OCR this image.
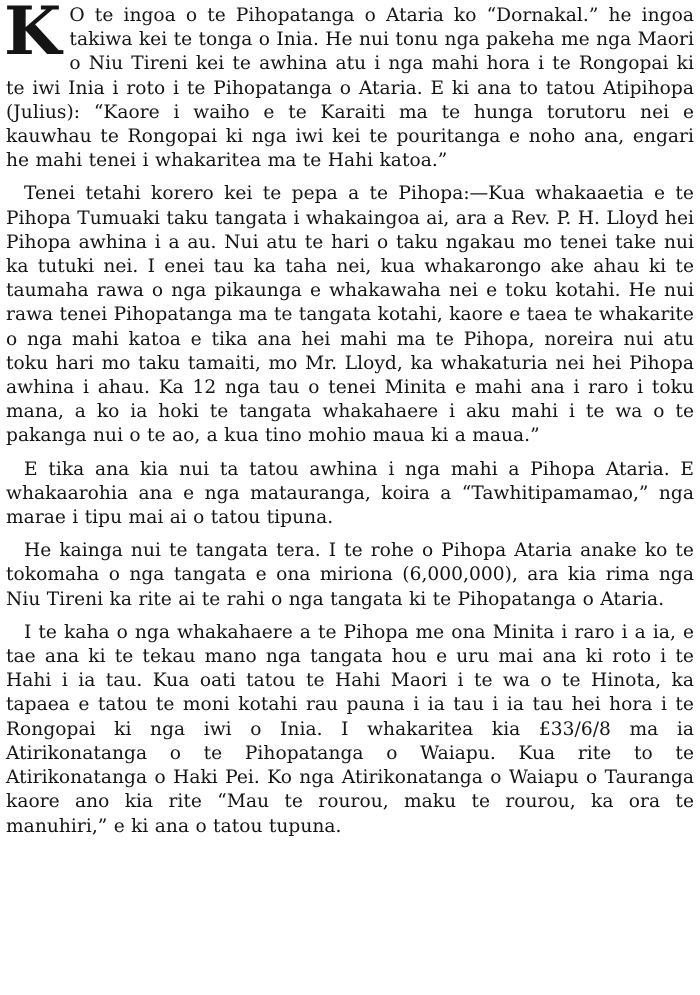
K O te ingoa o te Pihopatanga o Ataria ko “Dornakal.” he ingoa takiwa kei te tonga o Inia. He nui tonu nga pakeha me nga Maori o Niu Tireni kei te awhina atu i nga mahi hora i te Rongopai ki te iwi Inia i roto i te Pihopatanga o Ataria. E ki ana to tatou Atipihopa (Julius): “Kaore i waiho e te Karaiti ma te hunga torutoru nei e kauwhau te Rongopai ki nga iwi kei te pouritanga e noho ana, engari he mahi tenei i whakaritea ma te Hahi katoa.”

Tenei tetahi korero kei te pepa a te Pihopa:—Kua whakaaetia e te Pihopa Tumuaki taku tangata i whakaingoa ai, ara a Rev. P. H. Lloyd hei Pihopa awhina i a au. Nui atu te hari o taku ngakau mo tenei take nui ka tutuki nei. I enei tau ka taha nei, kua whakarongo ake ahau ki te taumaha rawa o nga pikaunga e whakawaha nei e toku kotahi. He nui rawa tenei Pihopatanga ma te tangata kotahi, kaore e taea te whakarite o nga mahi katoa e tika ana hei mahi ma te Pihopa, noreira nui atu toku hari mo taku tamaiti, mo Mr. Lloyd, ka whakaturia nei hei Pihopa awhina i ahau. Ka 12 nga tau o tenei Minita e mahi ana i raro i toku mana, a ko ia hoki te tangata whakahaere i aku mahi i te wa o te pakanga nui o te ao, a kua tino mohio maua ki a maua.”

E tika ana kia nui ta tatou awhina i nga mahi a Pihopa Ataria. E whakaarohia ana e nga matauranga, koira a “Tawhitipamamao,” nga marae i tipu mai ai o tatou tipuna.

He kainga nui te tangata tera. I te rohe o Pihopa Ataria anake ko te tokomaha o nga tangata e ona miriona (6,000,000), ara kia rima nga Niu Tireni ka rite ai te rahi o nga tangata ki te Pihopatanga o Ataria.

I te kaha o nga whakahaere a te Pihopa me ona Minita i raro i a ia, e tae ana ki te tekau mano nga tangata hou e uru mai ana ki roto i te Hahi i ia tau. Kua oati tatou te Hahi Maori i te wa o te Hinota, ka tapaea e tatou te moni kotahi rau pauna i ia tau i ia tau hei hora i te Rongopai ki nga iwi o Inia. I whakaritea kia £33/6/8 ma ia Atirikonatanga o te Pihopatanga o Waiapu. Kua rite to te Atirikonatanga o Haki Pei. Ko nga Atirikonatanga o Waiapu o Tauranga kaore ano kia rite “Mau te rourou, maku te rourou, ka ora te manuhiri,” e ki ana o tatou tupuna.
